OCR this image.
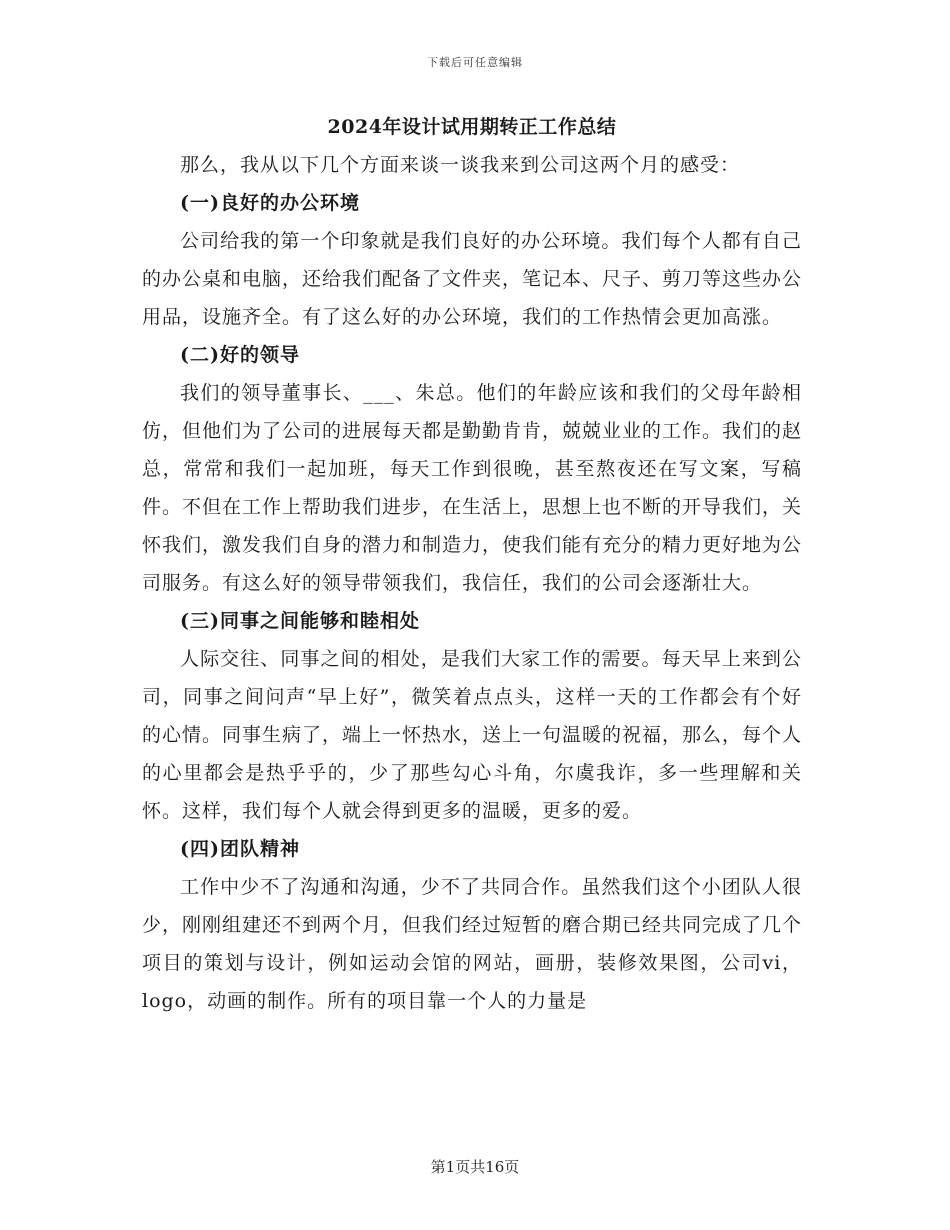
下载后可任意编辑
2024年设计试用期转正工作总结

那么，我从以下几个方面来谈一谈我来到公司这两个月的感受：

(一)良好的办公环境

公司给我的第一个印象就是我们良好的办公环境。我们每个人都有自己的办公桌和电脑，还给我们配备了文件夹，笔记本、尺子、剪刀等这些办公用品，设施齐全。有了这么好的办公环境，我们的工作热情会更加高涨。

(二)好的领导

我们的领导董事长、___、朱总。他们的年龄应该和我们的父母年龄相仿，但他们为了公司的进展每天都是勤勤肯肯，兢兢业业的工作。我们的赵总，常常和我们一起加班，每天工作到很晚，甚至熬夜还在写文案，写稿件。不但在工作上帮助我们进步，在生活上，思想上也不断的开导我们，关怀我们，激发我们自身的潜力和制造力，使我们能有充分的精力更好地为公司服务。有这么好的领导带领我们，我信任，我们的公司会逐渐壮大。

(三)同事之间能够和睦相处

人际交往、同事之间的相处，是我们大家工作的需要。每天早上来到公司，同事之间问声“早上好”，微笑着点点头，这样一天的工作都会有个好的心情。同事生病了，端上一怀热水，送上一句温暖的祝福，那么，每个人的心里都会是热乎乎的，少了那些勾心斗角，尔虞我诈，多一些理解和关怀。这样，我们每个人就会得到更多的温暖，更多的爱。

(四)团队精神

工作中少不了沟通和沟通，少不了共同合作。虽然我们这个小团队人很少，刚刚组建还不到两个月，但我们经过短暂的磨合期已经共同完成了几个项目的策划与设计，例如运动会馆的网站，画册，装修效果图，公司vi，logo，动画的制作。所有的项目靠一个人的力量是

第1页共16页
